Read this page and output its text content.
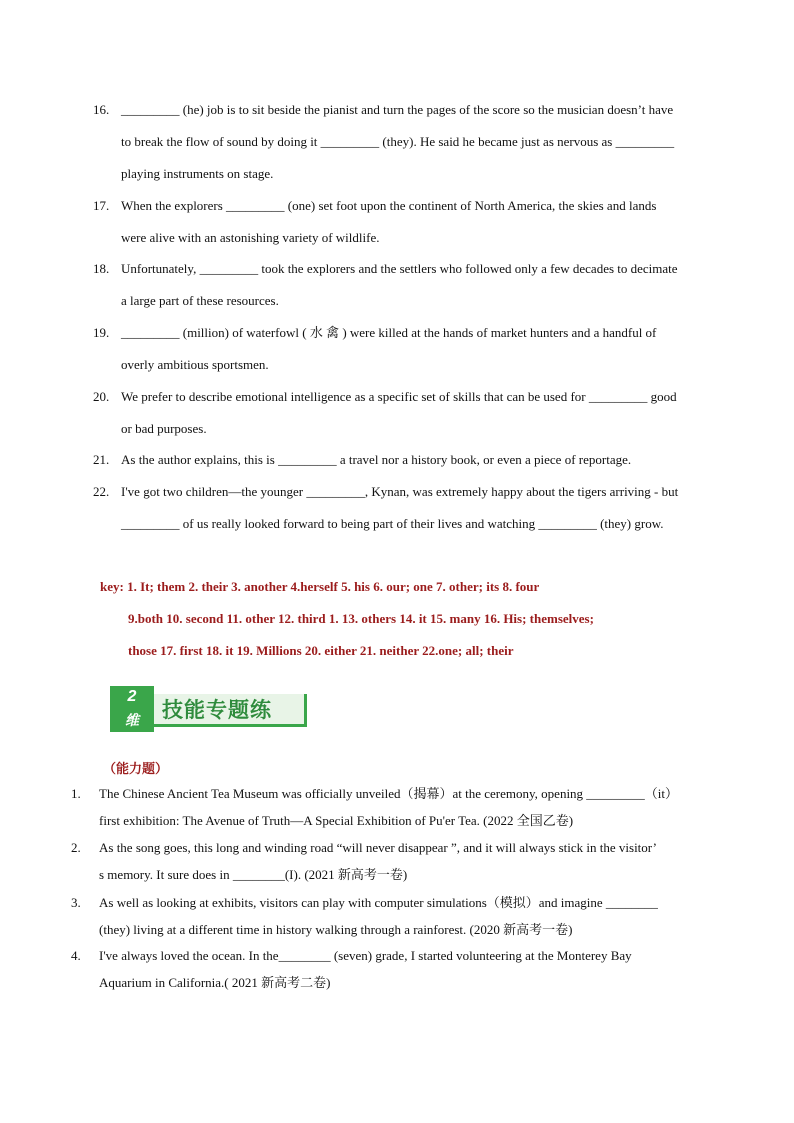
16. _________ (he) job is to sit beside the pianist and turn the pages of the score so the musician doesn’t have
to break the flow of sound by doing it _________ (they). He said he became just as nervous as _________
playing instruments on stage.
17. When the explorers _________ (one) set foot upon the continent of North America, the skies and lands
were alive with an astonishing variety of wildlife.
18. Unfortunately, _________ took the explorers and the settlers who followed only a few decades to decimate
a large part of these resources.
19. _________ (million) of waterfowl ( 水 禽 ) were killed at the hands of market hunters and a handful of
overly ambitious sportsmen.
20. We prefer to describe emotional intelligence as a specific set of skills that can be used for _________ good
or bad purposes.
21. As the author explains, this is _________ a travel nor a history book, or even a piece of reportage.
22. I've got two children—the younger _________, Kynan, was extremely happy about the tigers arriving - but
_________ of us really looked forward to being part of their lives and watching _________ (they) grow.
key: 1. It; them 2. their 3. another 4.herself 5. his 6. our; one 7. other; its 8. four
9.both 10. second 11. other 12. third 1. 13. others 14. it 15. many 16. His; themselves;
those 17. first 18. it 19. Millions 20. either 21. neither 22.one; all; their
2
维	技能专题练
（能力题）
1.	The Chinese Ancient Tea Museum was officially unveiled（揭幕）at the ceremony, opening _________（it）
first exhibition: The Avenue of Truth—A Special Exhibition of Pu'er Tea. (2022 全国乙卷)
2.	As the song goes, this long and winding road “will never disappear ”, and it will always stick in the visitor’
s memory. It sure does in ________(I). (2021 新高考一卷)
3.	As well as looking at exhibits, visitors can play with computer simulations（模拟）and imagine ________
(they) living at a different time in history walking through a rainforest. (2020 新高考一卷)
4.	I've always loved the ocean. In the________ (seven) grade, I started volunteering at the Monterey Bay
Aquarium in California.( 2021 新高考二卷)
